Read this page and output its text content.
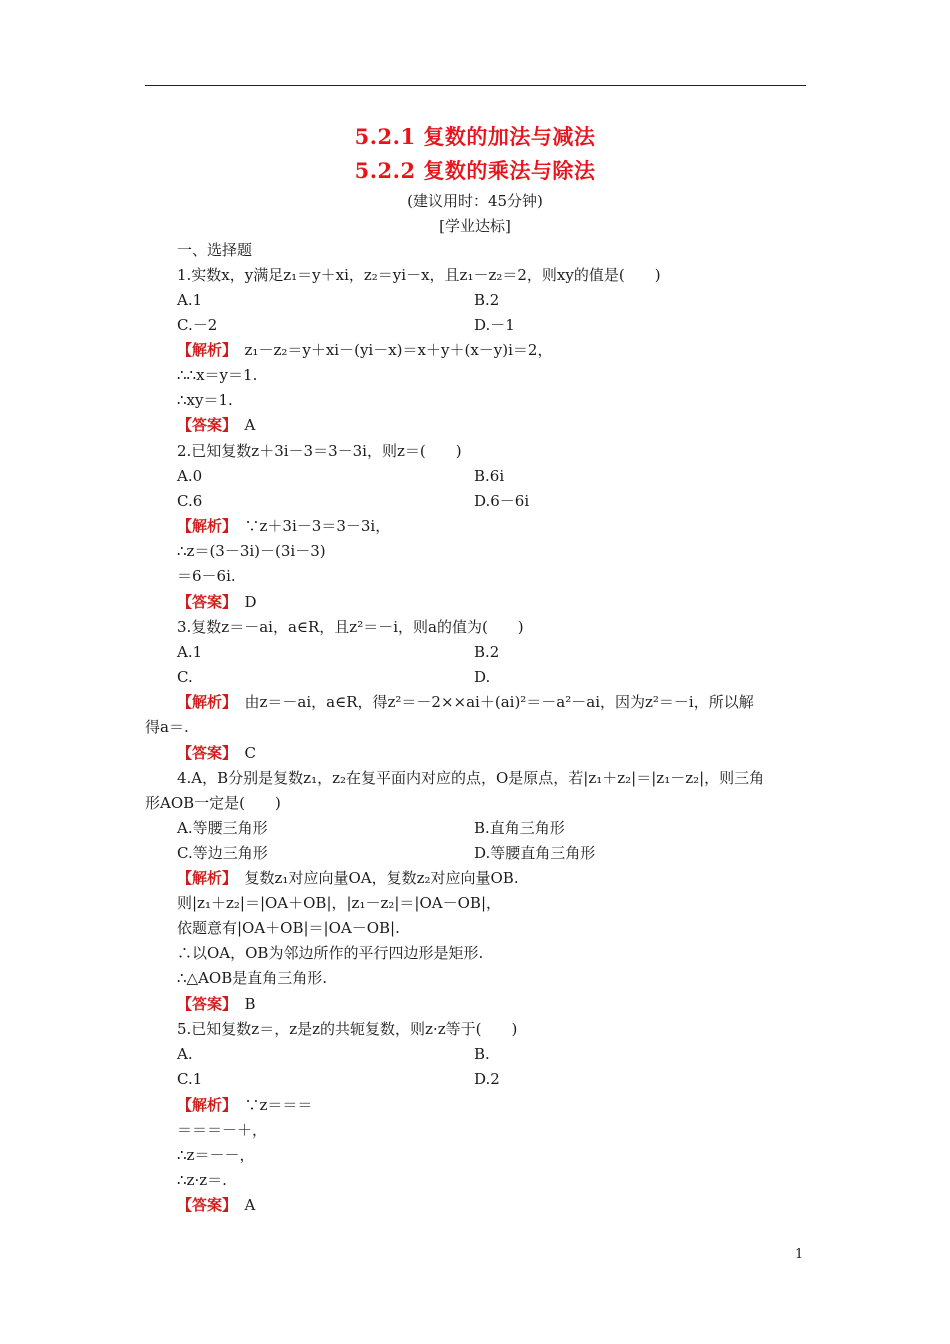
5.2.1 复数的加法与减法
5.2.2 复数的乘法与除法
(建议用时：45分钟)
[学业达标]
一、选择题
1.实数x，y满足z₁＝y＋xi，z₂＝yi－x，且z₁－z₂＝2，则xy的值是(　　)
A.1	B.2
C.－2	D.－1
【解析】　 z₁－z₂＝y＋xi－(yi－x)＝x＋y＋(x－y)i＝2，
∴∴x＝y＝1.
∴xy＝1.
【答案】　 A
2.已知复数z＋3i－3＝3－3i，则z＝(　　)
A.0	B.6i
C.6	D.6－6i
【解析】　 ∵z＋3i－3＝3－3i，
∴z＝(3－3i)－(3i－3)
＝6－6i.
【答案】　 D
3.复数z＝－ai，a∈R，且z²＝－i，则a的值为(　　)
A.1	B.2
C.	D.
【解析】　 由z＝－ai，a∈R，得z²＝－2××ai＋(ai)²＝－a²－ai，因为z²＝－i，所以解
得a＝.
【答案】　 C
4.A，B分别是复数z₁，z₂在复平面内对应的点，O是原点，若|z₁＋z₂|＝|z₁－z₂|，则三角
形AOB一定是(　　)
A.等腰三角形	B.直角三角形
C.等边三角形	D.等腰直角三角形
【解析】　 复数z₁对应向量OA，复数z₂对应向量OB.
则|z₁＋z₂|＝|OA＋OB|，|z₁－z₂|＝|OA－OB|，
依题意有|OA＋OB|＝|OA－OB|.
∴以OA，OB为邻边所作的平行四边形是矩形.
∴△AOB是直角三角形.
【答案】　 B
5.已知复数z＝，z是z的共轭复数，则z·z等于(　　)
A.	B.
C.1	D.2
【解析】　 ∵z＝＝＝
＝＝＝－＋，
∴z＝－－，
∴z·z＝.
【答案】　 A
1
